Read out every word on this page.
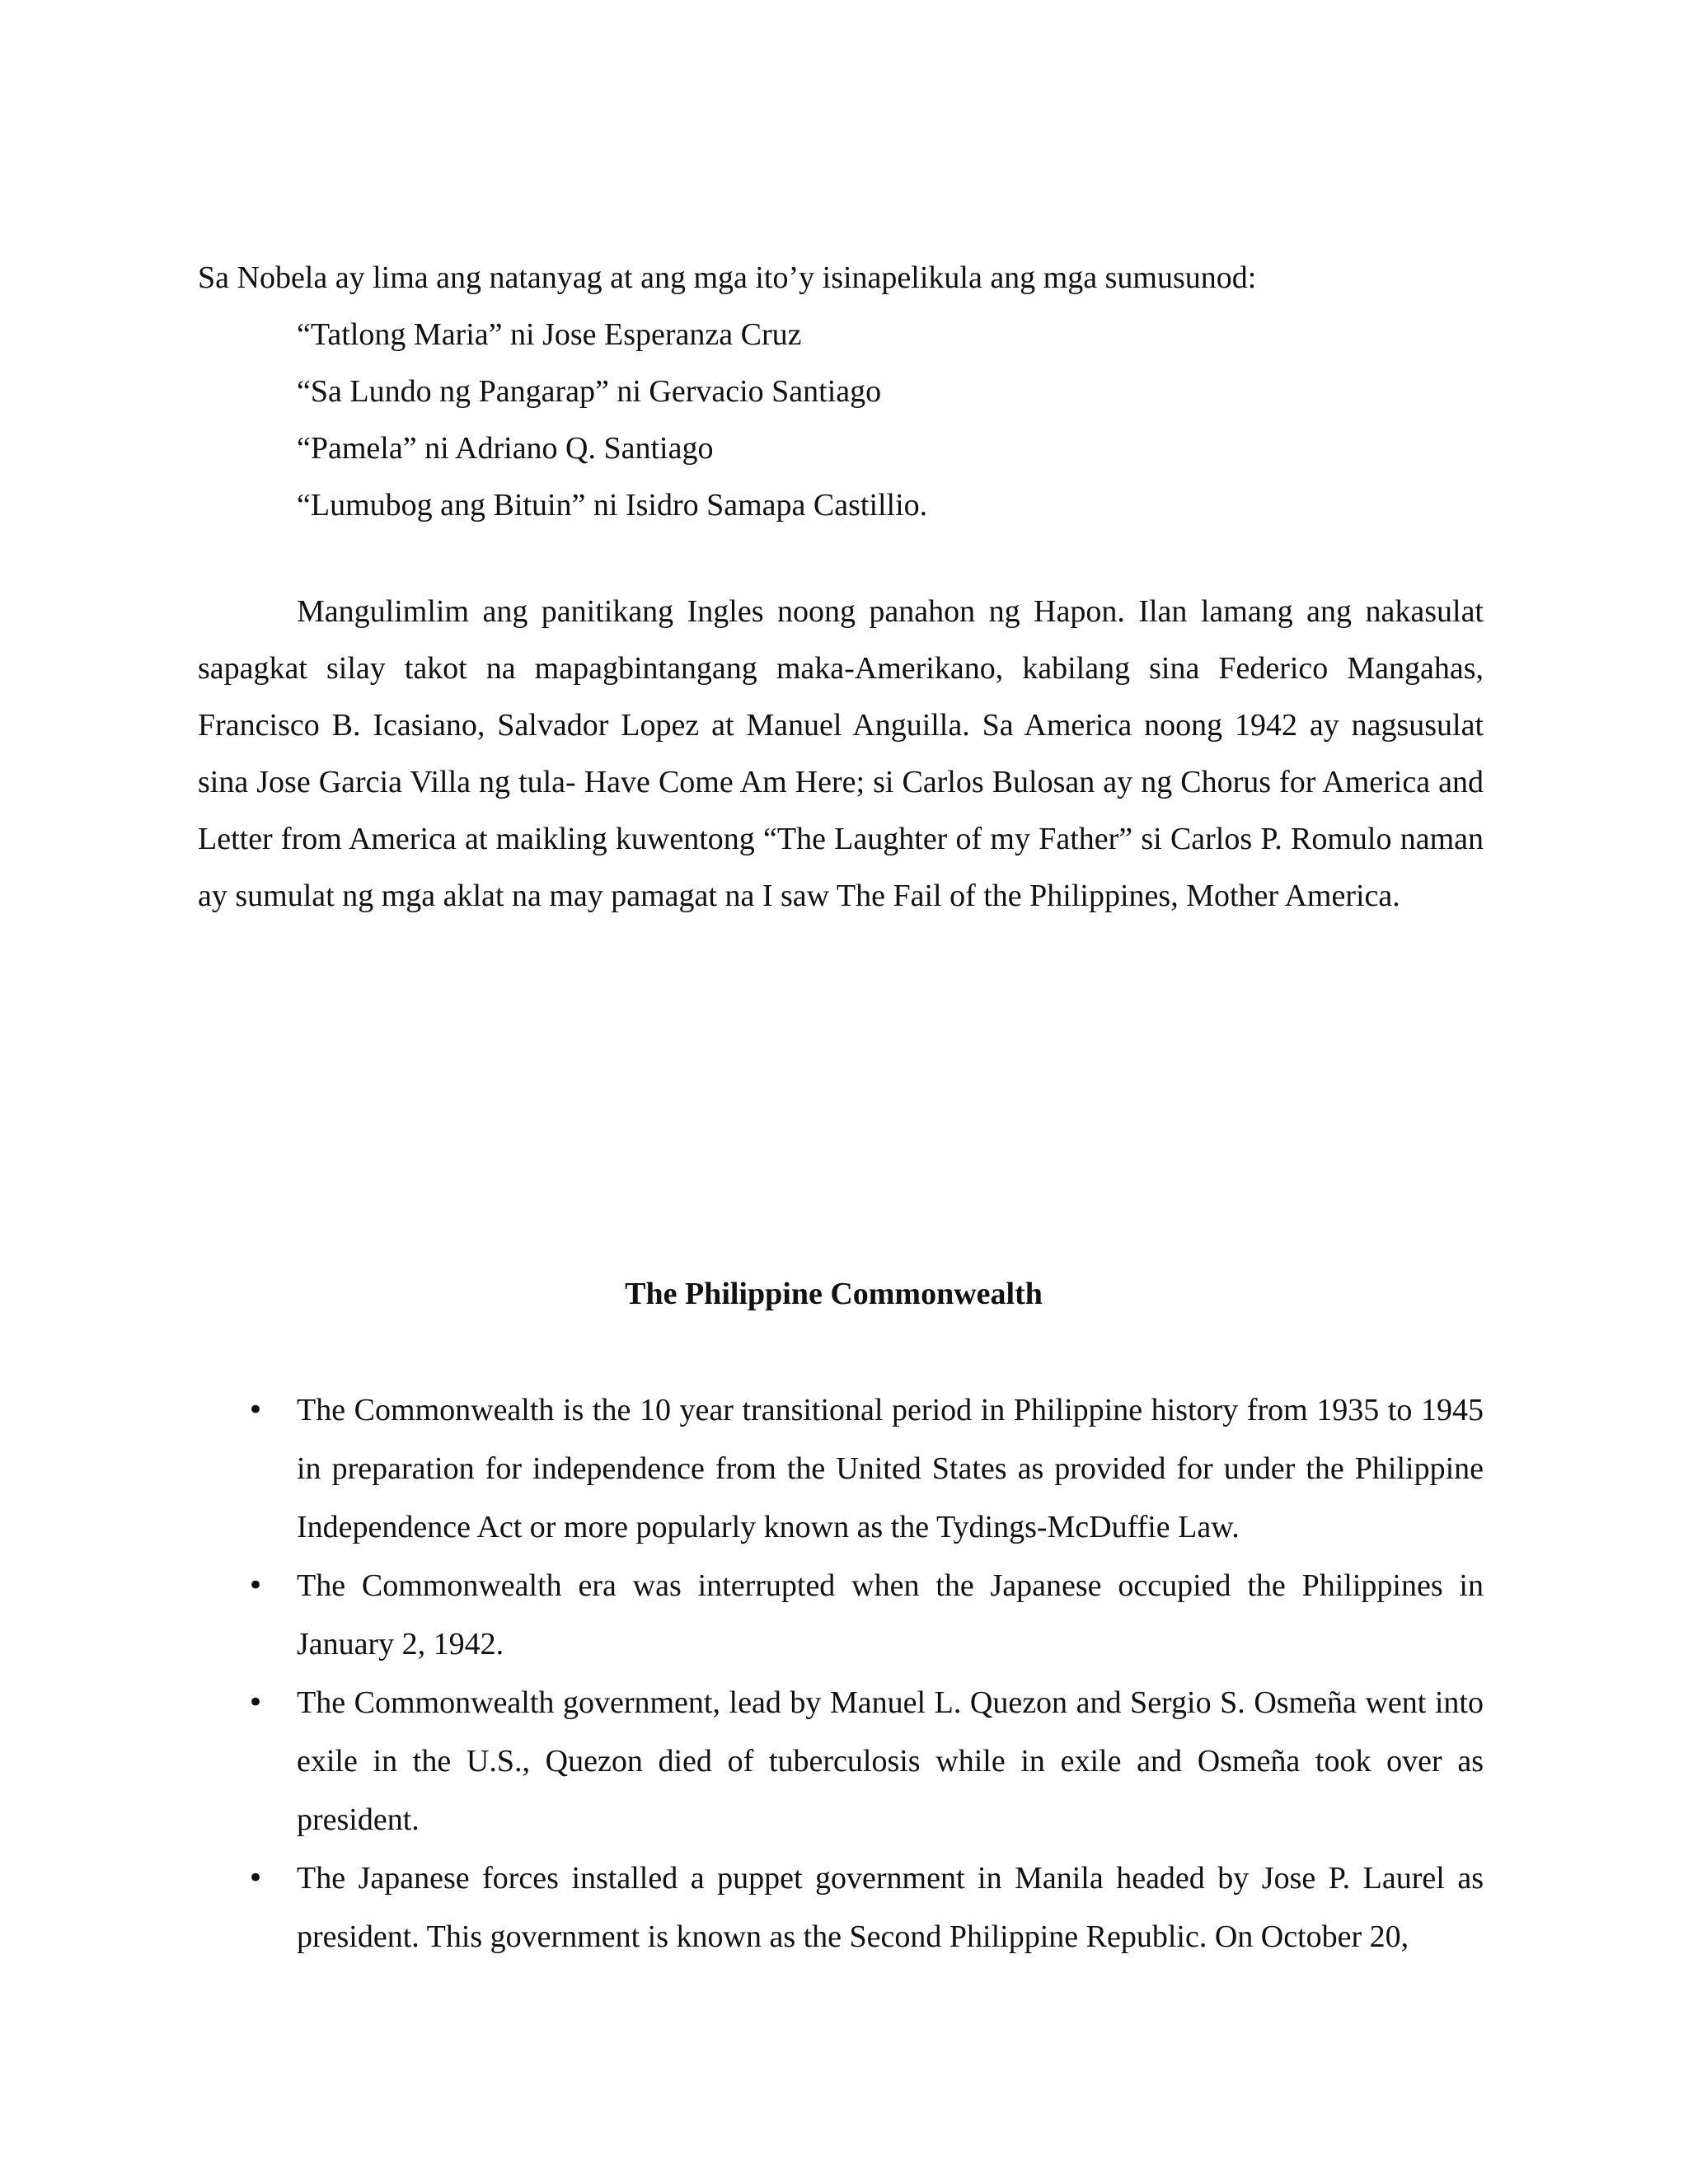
Sa Nobela ay lima ang natanyag at ang mga ito’y isinapelikula ang mga sumusunod:

“Tatlong Maria” ni Jose Esperanza Cruz
“Sa Lundo ng Pangarap” ni Gervacio Santiago
“Pamela” ni Adriano Q. Santiago
“Lumubog ang Bituin” ni Isidro Samapa Castillio.

Mangulimlim ang panitikang Ingles noong panahon ng Hapon. Ilan lamang ang nakasulat sapagkat silay takot na mapagbintangang maka-Amerikano, kabilang sina Federico Mangahas, Francisco B. Icasiano, Salvador Lopez at Manuel Anguilla. Sa America noong 1942 ay nagsusulat sina Jose Garcia Villa ng tula- Have Come Am Here; si Carlos Bulosan ay ng Chorus for America and Letter from America at maikling kuwentong “The Laughter of my Father” si Carlos P. Romulo naman ay sumulat ng mga aklat na may pamagat na I saw The Fail of the Philippines, Mother America.

The Philippine Commonwealth
• The Commonwealth is the 10 year transitional period in Philippine history from 1935 to 1945 in preparation for independence from the United States as provided for under the Philippine Independence Act or more popularly known as the Tydings-McDuffie Law.
• The Commonwealth era was interrupted when the Japanese occupied the Philippines in January 2, 1942.
• The Commonwealth government, lead by Manuel L. Quezon and Sergio S. Osmeña went into exile in the U.S., Quezon died of tuberculosis while in exile and Osmeña took over as president.
• The Japanese forces installed a puppet government in Manila headed by Jose P. Laurel as president. This government is known as the Second Philippine Republic. On October 20,
